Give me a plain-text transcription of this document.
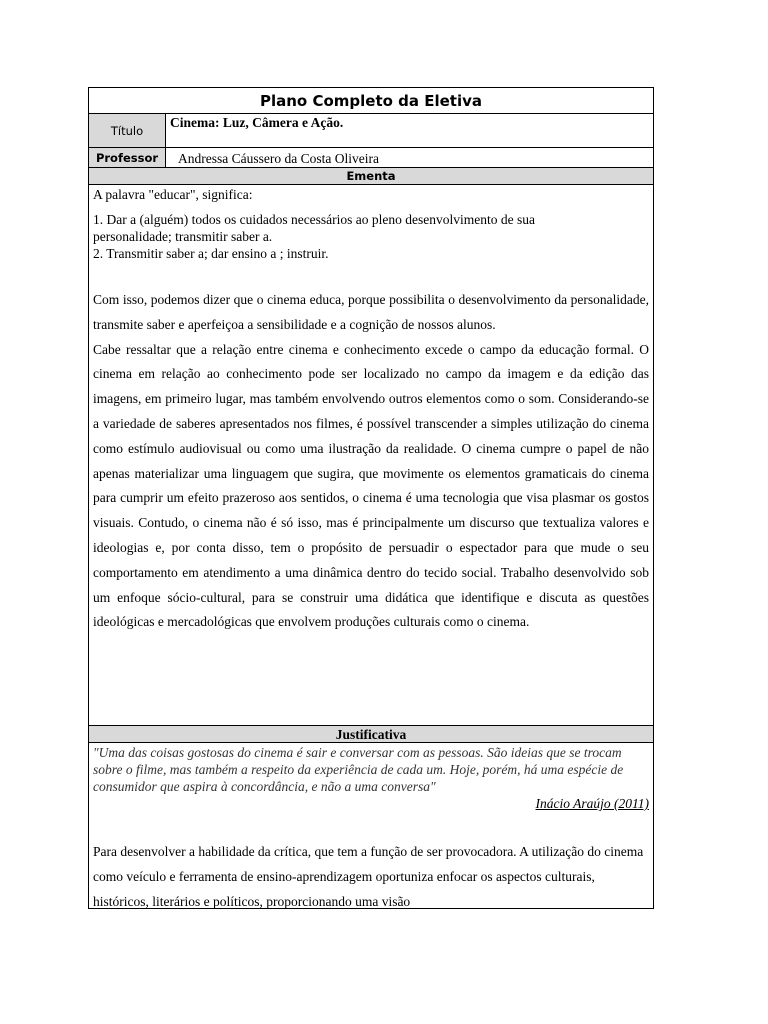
Plano Completo da Eletiva
Título
Cinema: Luz, Câmera e Ação.
Professor	Andressa Cáussero da Costa Oliveira
Ementa

A palavra "educar", significa:

1. Dar a (alguém) todos os cuidados necessários ao pleno desenvolvimento de sua personalidade; transmitir saber a.

2. Transmitir saber a; dar ensino a ; instruir.

Com isso, podemos dizer que o cinema educa, porque possibilita o desenvolvimento da personalidade, transmite saber e aperfeiçoa a sensibilidade e a cognição de nossos alunos.

Cabe ressaltar que a relação entre cinema e conhecimento excede o campo da educação formal. O cinema em relação ao conhecimento pode ser localizado no campo da imagem e da edição das imagens, em primeiro lugar, mas também envolvendo outros elementos como o som. Considerando-se a variedade de saberes apresentados nos filmes, é possível transcender a simples utilização do cinema como estímulo audiovisual ou como uma ilustração da realidade. O cinema cumpre o papel de não apenas materializar uma linguagem que sugira, que movimente os elementos gramaticais do cinema para cumprir um efeito prazeroso aos sentidos, o cinema é uma tecnologia que visa plasmar os gostos visuais. Contudo, o cinema não é só isso, mas é principalmente um discurso que textualiza valores e ideologias e, por conta disso, tem o propósito de persuadir o espectador para que mude o seu comportamento em atendimento a uma dinâmica dentro do tecido social. Trabalho desenvolvido sob um enfoque sócio-cultural, para se construir uma didática que identifique e discuta as questões ideológicas e mercadológicas que envolvem produções culturais como o cinema.

Justificativa

"Uma das coisas gostosas do cinema é sair e conversar com as pessoas. São ideias que se trocam sobre o filme, mas também a respeito da experiência de cada um. Hoje, porém, há uma espécie de consumidor que aspira à concordância, e não a uma conversa"

Inácio Araújo (2011)

Para desenvolver a habilidade da crítica, que tem a função de ser provocadora. A utilização do cinema como veículo e ferramenta de ensino-aprendizagem oportuniza enfocar os aspectos culturais, históricos, literários e políticos, proporcionando uma visão
